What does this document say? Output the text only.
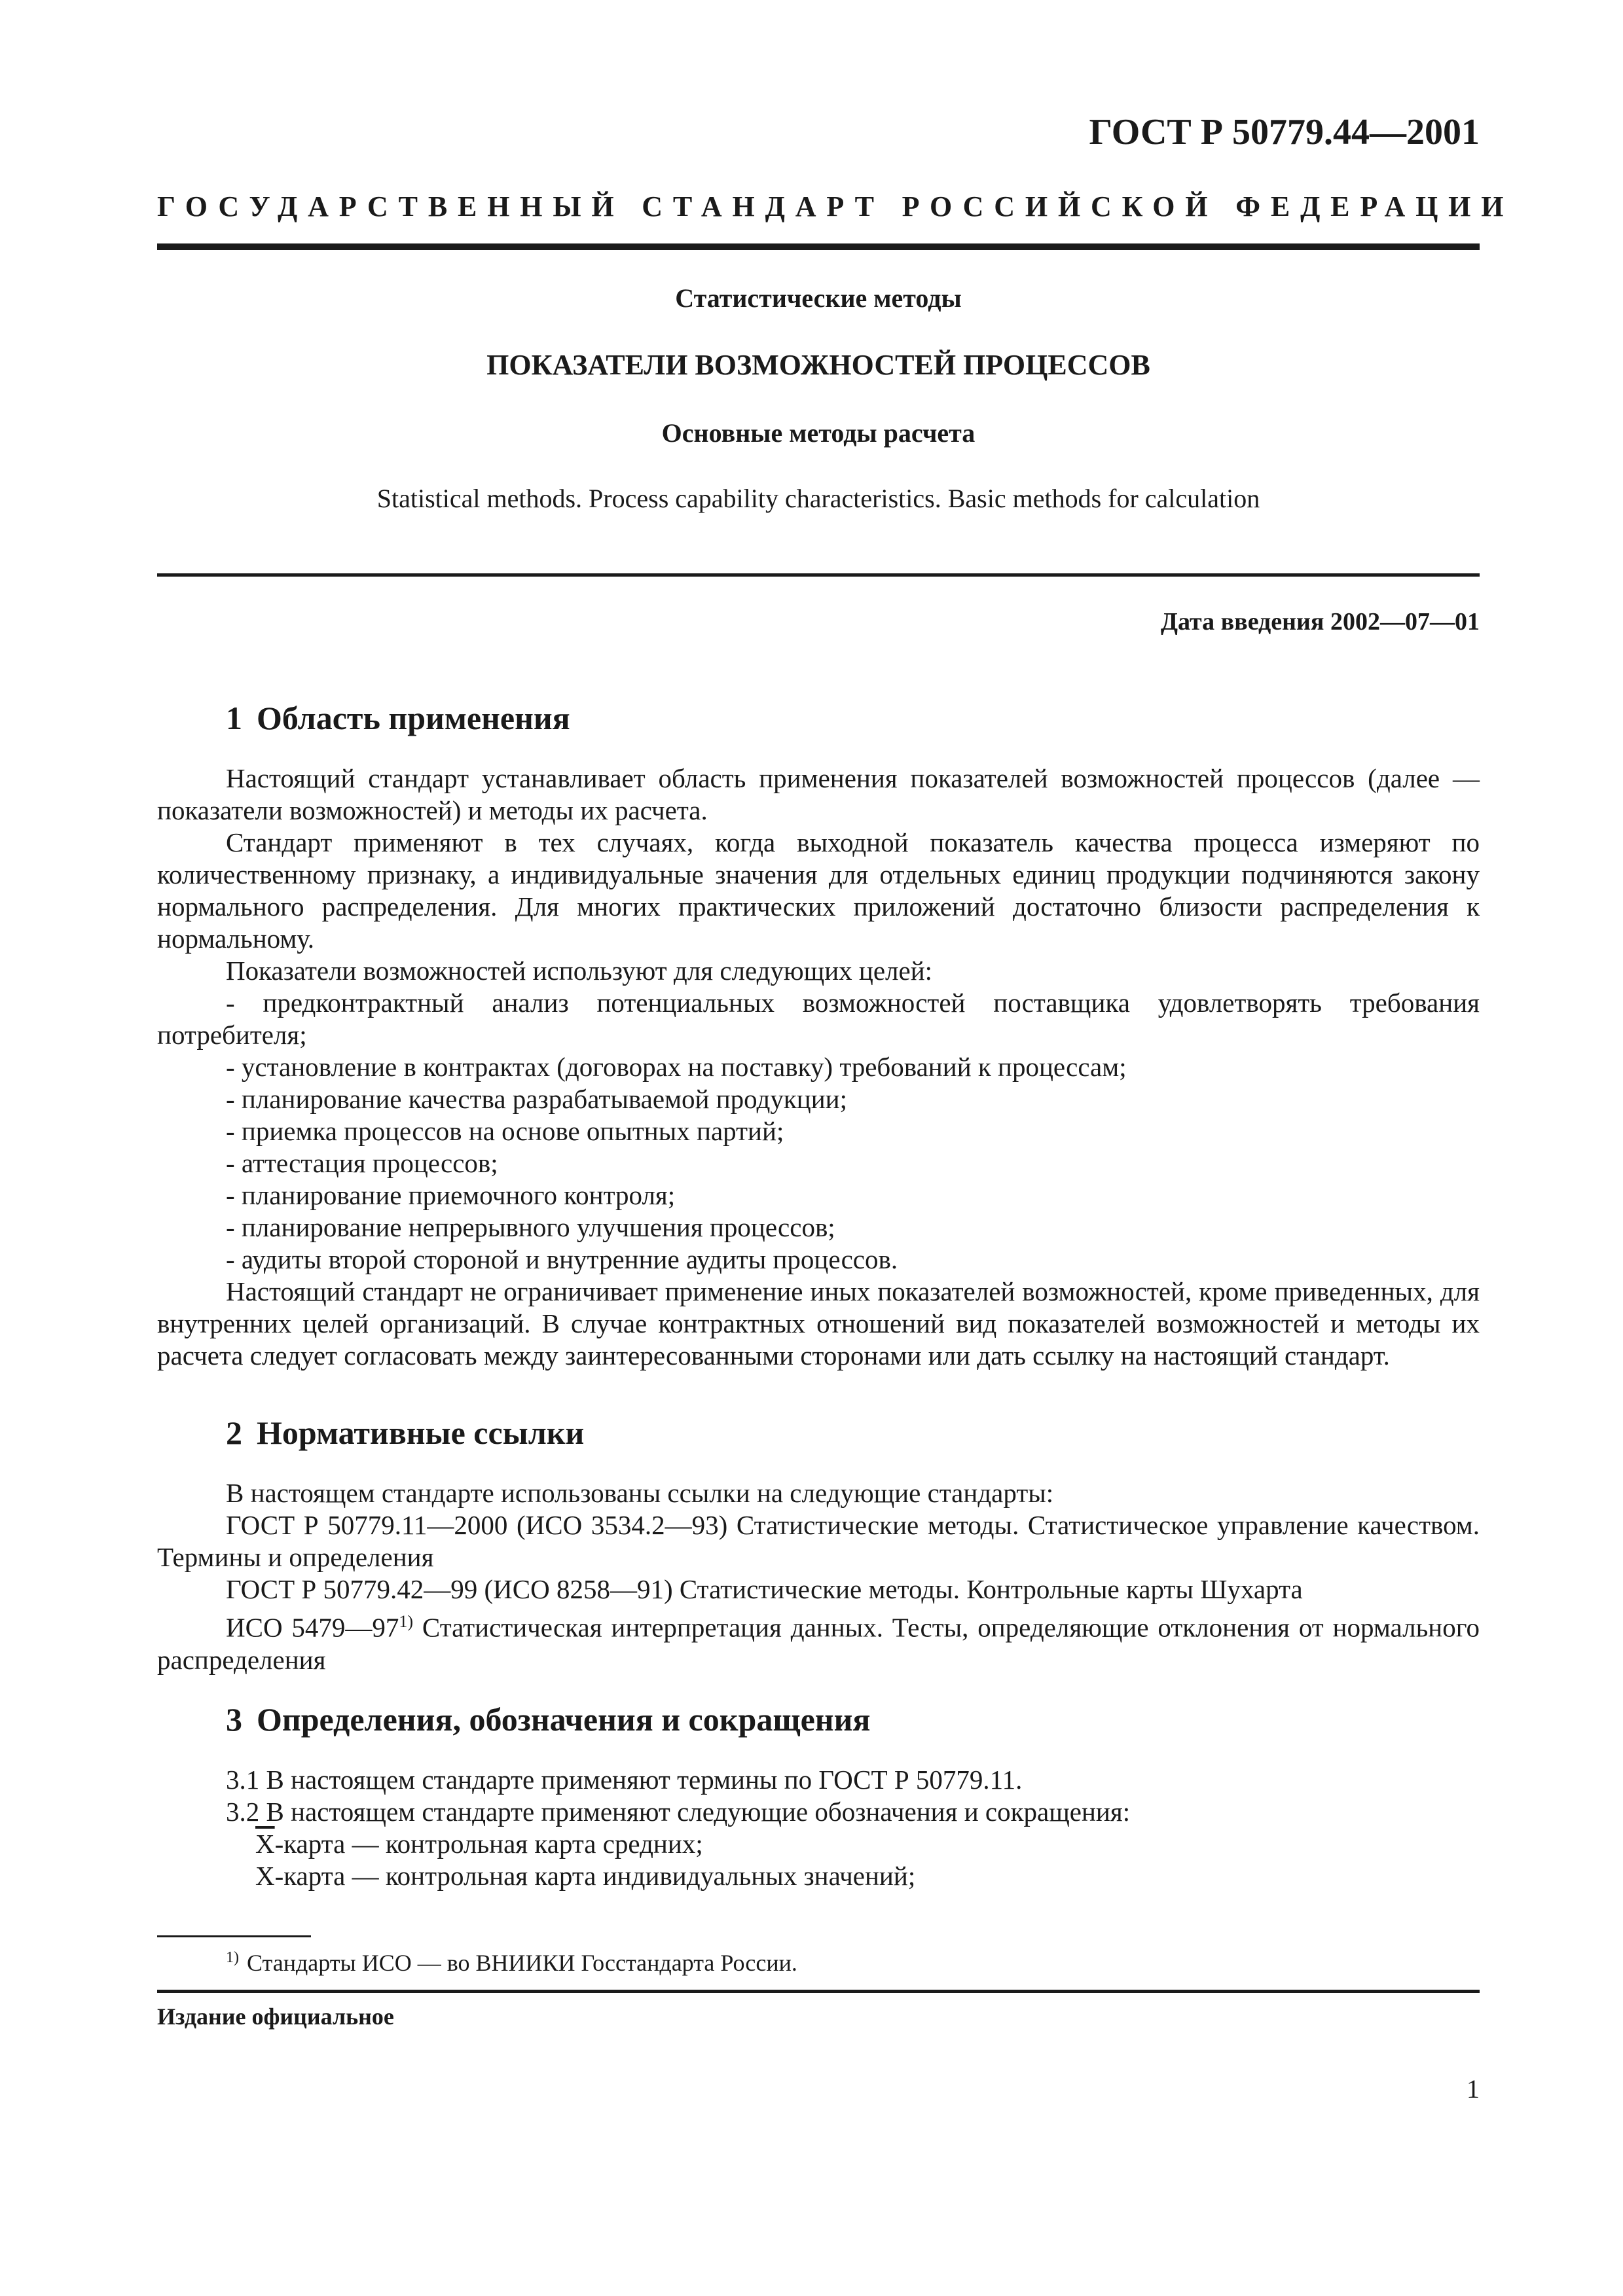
ГОСТ Р 50779.44—2001
ГОСУДАРСТВЕННЫЙ СТАНДАРТ РОССИЙСКОЙ ФЕДЕРАЦИИ
Статистические методы
ПОКАЗАТЕЛИ ВОЗМОЖНОСТЕЙ ПРОЦЕССОВ
Основные методы расчета
Statistical methods. Process capability characteristics. Basic methods for calculation
Дата введения 2002—07—01
1 Область применения

Настоящий стандарт устанавливает область применения показателей возможностей процессов (далее — показатели возможностей) и методы их расчета.

Стандарт применяют в тех случаях, когда выходной показатель качества процесса измеряют по количественному признаку, а индивидуальные значения для отдельных единиц продукции подчиняются закону нормального распределения. Для многих практических приложений достаточно близости распределения к нормальному.

Показатели возможностей используют для следующих целей:

- предконтрактный анализ потенциальных возможностей поставщика удовлетворять требования потребителя;

- установление в контрактах (договорах на поставку) требований к процессам;

- планирование качества разрабатываемой продукции;

- приемка процессов на основе опытных партий;

- аттестация процессов;

- планирование приемочного контроля;

- планирование непрерывного улучшения процессов;

- аудиты второй стороной и внутренние аудиты процессов.

Настоящий стандарт не ограничивает применение иных показателей возможностей, кроме приведенных, для внутренних целей организаций. В случае контрактных отношений вид показателей возможностей и методы их расчета следует согласовать между заинтересованными сторонами или дать ссылку на настоящий стандарт.

2 Нормативные ссылки

В настоящем стандарте использованы ссылки на следующие стандарты:

ГОСТ Р 50779.11—2000 (ИСО 3534.2—93) Статистические методы. Статистическое управление качеством. Термины и определения

ГОСТ Р 50779.42—99 (ИСО 8258—91) Статистические методы. Контрольные карты Шухарта

ИСО 5479—97$^{1)}$ Статистическая интерпретация данных. Тесты, определяющие отклонения от нормального распределения

3 Определения, обозначения и сокращения

3.1 В настоящем стандарте применяют термины по ГОСТ Р 50779.11.

3.2 В настоящем стандарте применяют следующие обозначения и сокращения:

$\overline{X}$-карта — контрольная карта средних;

X-карта — контрольная карта индивидуальных значений;

$^{1)}$ Стандарты ИСО — во ВНИИКИ Госстандарта России.
Издание официальное
1
